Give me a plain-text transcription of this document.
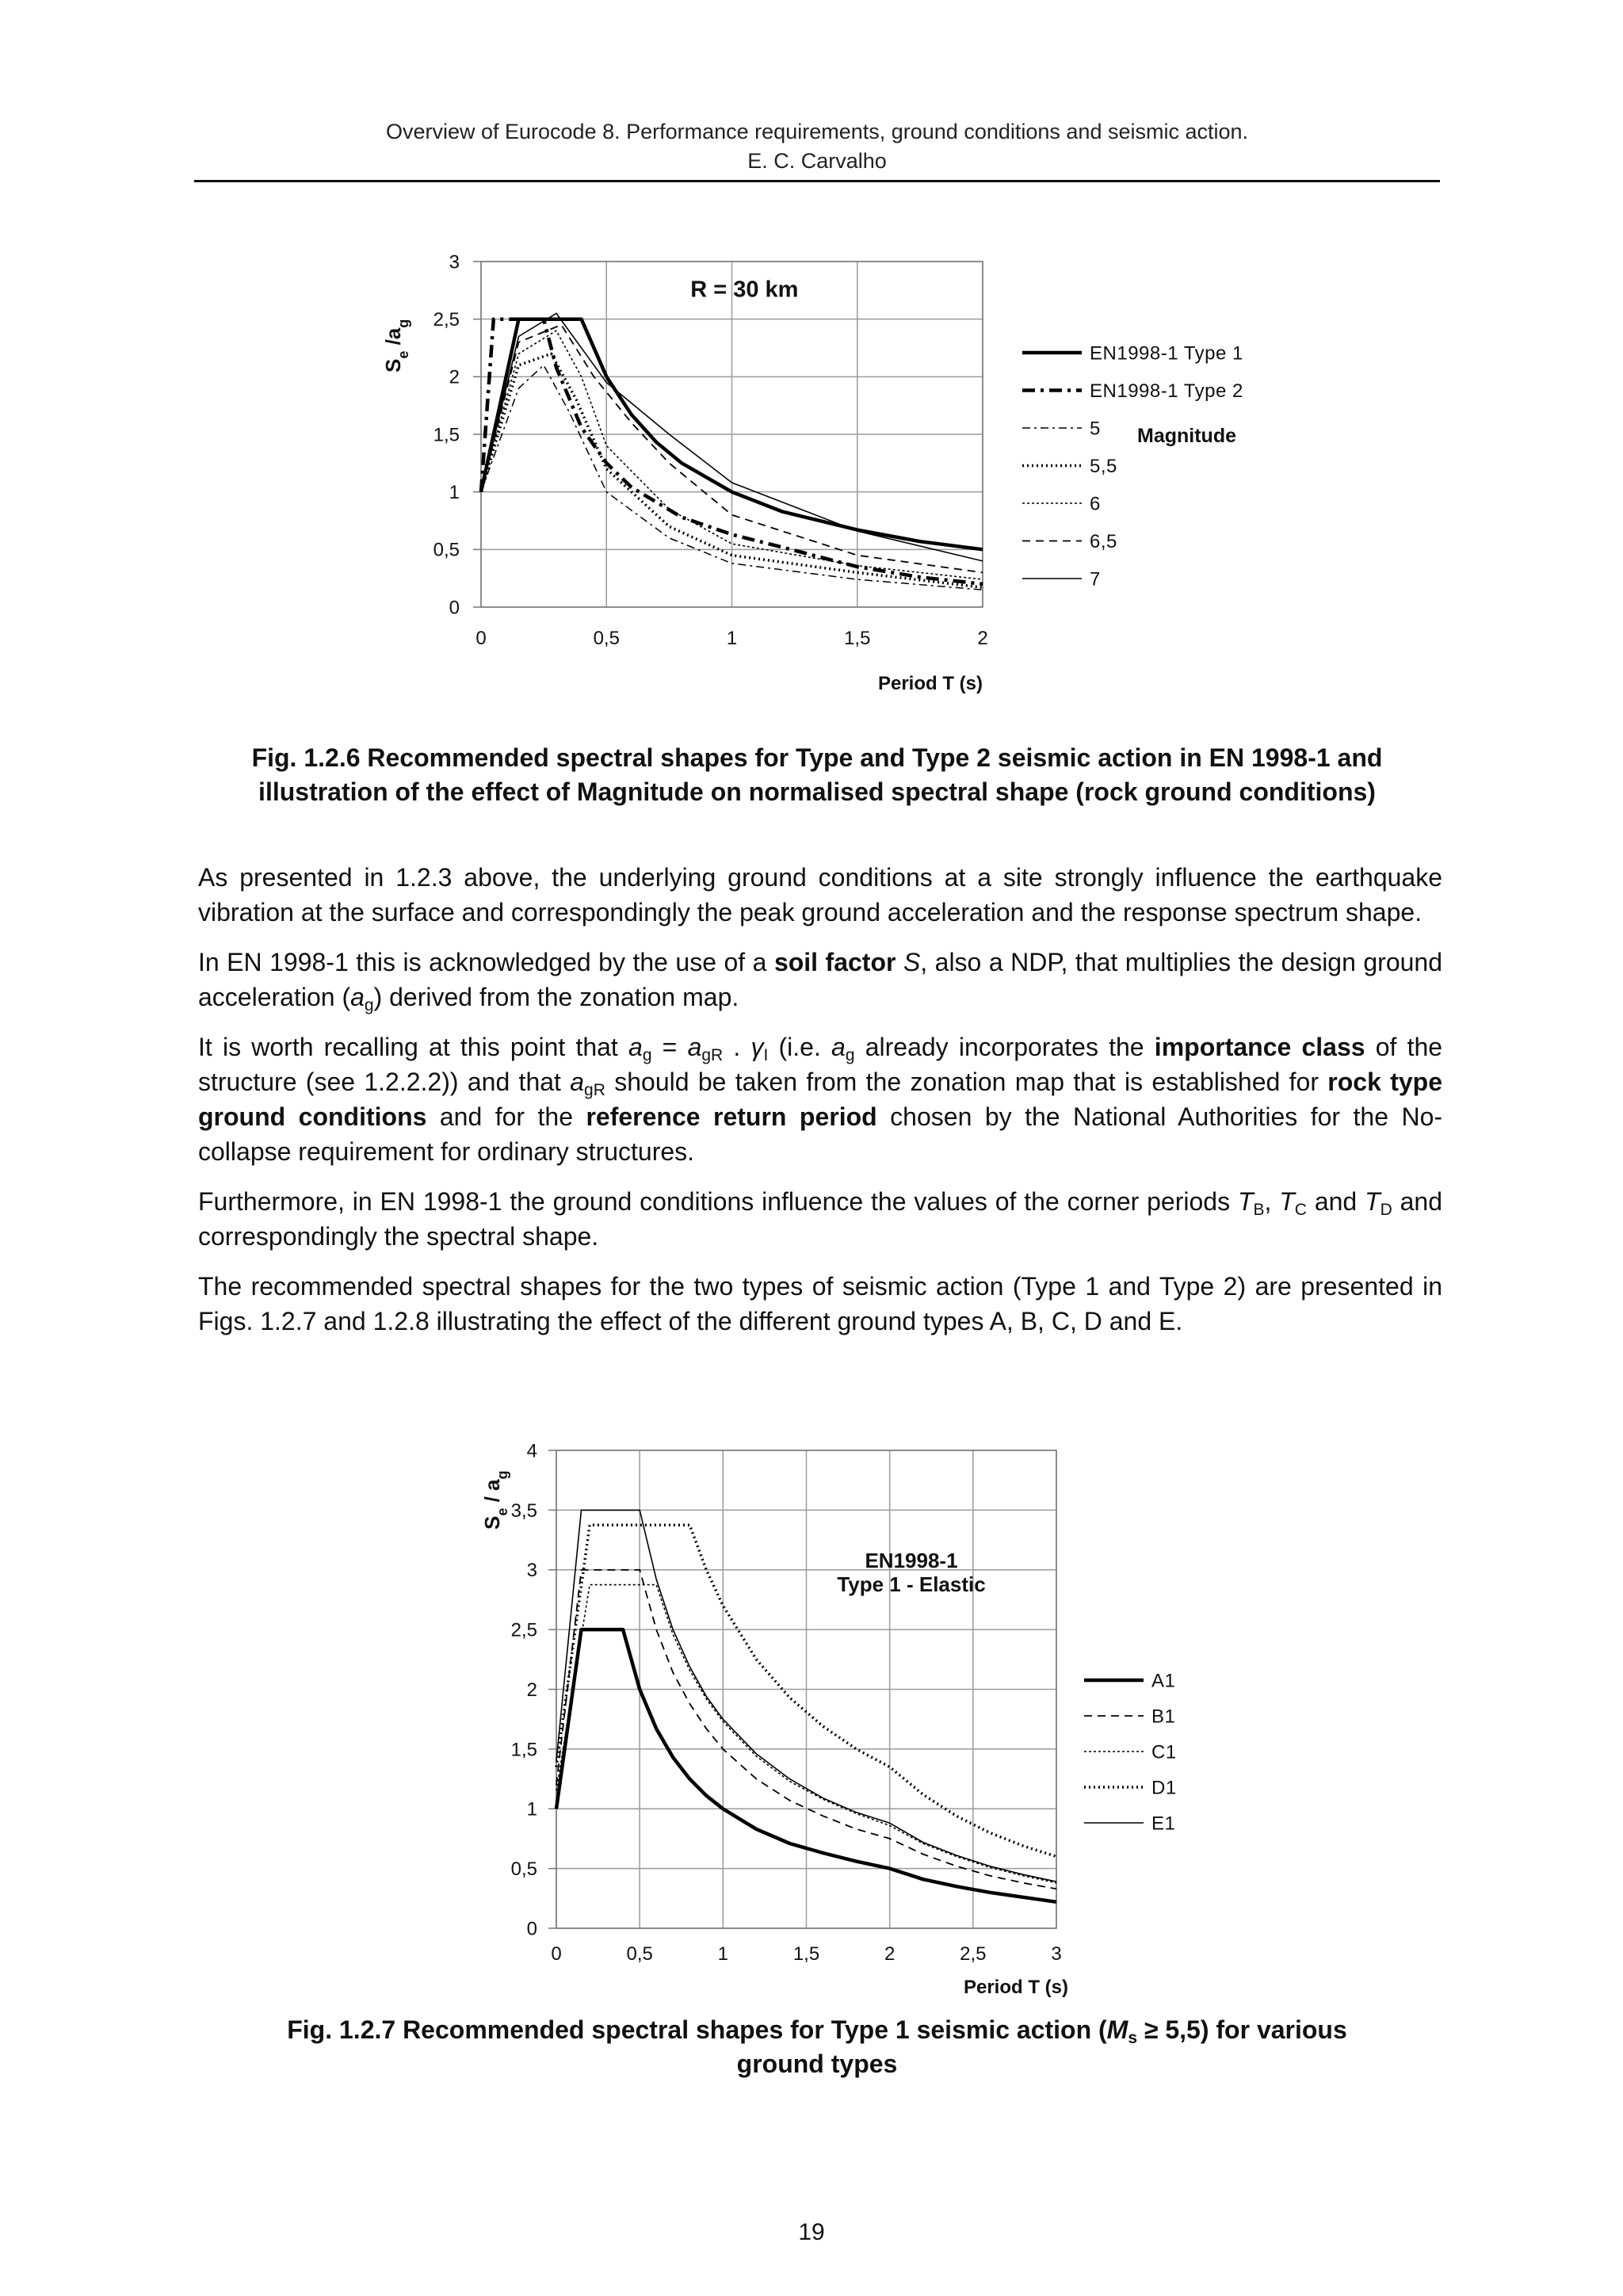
Overview of Eurocode 8. Performance requirements, ground conditions and seismic action.
E. C. Carvalho
0	0,5	1	1,5	2
0
0,5
1
1,5
2
2,5
3
EN1998-1 Type 1
EN1998-1 Type 2
5
5,5
6
6,5
7
Period T (s)
$S_e$ $/a_g$
R = 30 km
Magnitude
Fig. 1.2.6 Recommended spectral shapes for Type and Type 2 seismic action in EN 1998-1 and
illustration of the effect of Magnitude on normalised spectral shape (rock ground conditions)

As presented in 1.2.3 above, the underlying ground conditions at a site strongly influence the earthquake vibration at the surface and correspondingly the peak ground acceleration and the response spectrum shape.

In EN 1998-1 this is acknowledged by the use of a soil factor S, also a NDP, that multiplies the design ground acceleration $(a_g)$ derived from the zonation map.

It is worth recalling at this point that $a_g = a_{gR}$ . $\gamma_I$ (i.e. $a_g$ already incorporates the importance class of the structure (see 1.2.2.2)) and that $a_{gR}$ should be taken from the zonation map that is established for rock type ground conditions and for the reference return period chosen by the National Authorities for the No-collapse requirement for ordinary structures.

Furthermore, in EN 1998-1 the ground conditions influence the values of the corner periods $T_B$, $T_C$ and $T_D$ and correspondingly the spectral shape.

The recommended spectral shapes for the two types of seismic action (Type 1 and Type 2) are presented in Figs. 1.2.7 and 1.2.8 illustrating the effect of the different ground types A, B, C, D and E.

0	0,5	1	1,5	2	2,5	3
0
0,5
1
1,5
2
2,5
3
3,5
4
A1
B1
C1
D1
E1
Period T (s)
$S_e / a_g$
EN1998-1
Type 1 - Elastic
Fig. 1.2.7 Recommended spectral shapes for Type 1 seismic action $(M_s \ge 5,5)$ for various
ground types
19
